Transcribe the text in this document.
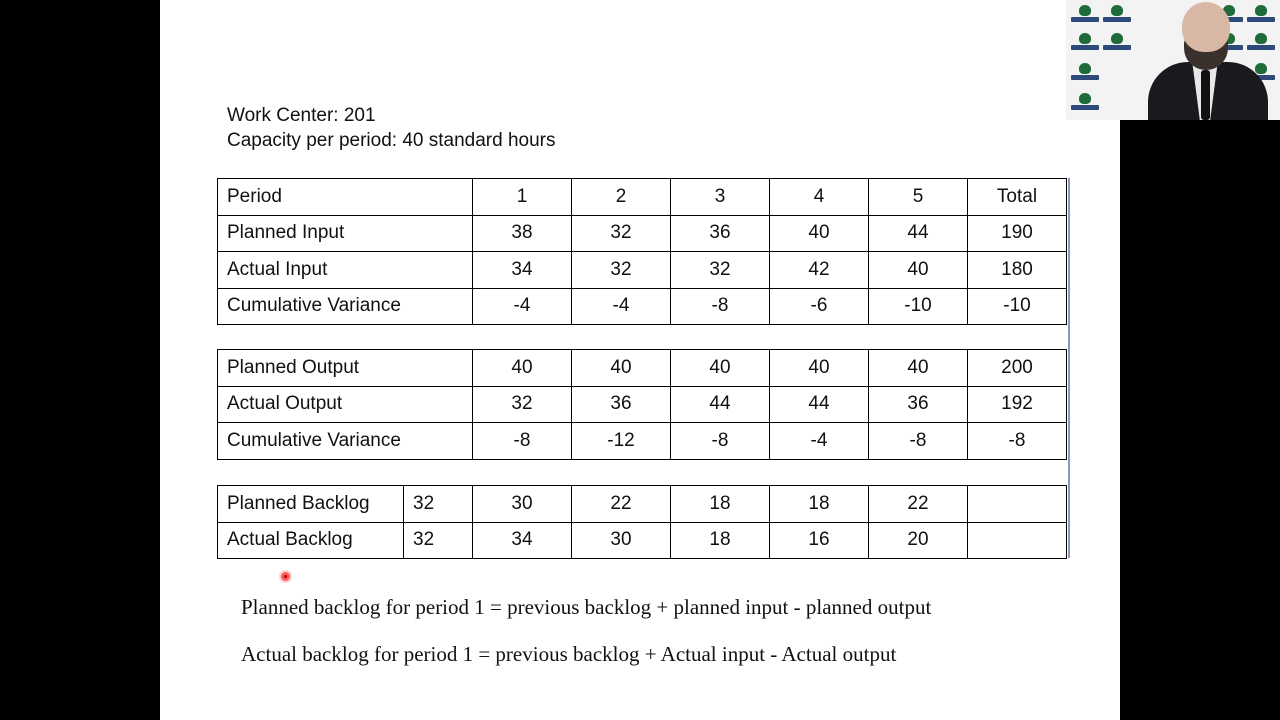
Work Center: 201
Capacity per period: 40 standard hours
Period	1	2	3	4	5	Total
Planned Input	38	32	36	40	44	190
Actual Input	34	32	32	42	40	180
Cumulative Variance	-4	-4	-8	-6	-10	-10
Planned Output	40	40	40	40	40	200
Actual Output	32	36	44	44	36	192
Cumulative Variance	-8	-12	-8	-4	-8	-8
Planned Backlog	32	30	22	18	18	22	
Actual Backlog	32	34	30	18	16	20	
Planned backlog for period 1 = previous backlog + planned input - planned output
Actual backlog for period 1 = previous backlog + Actual input - Actual output
